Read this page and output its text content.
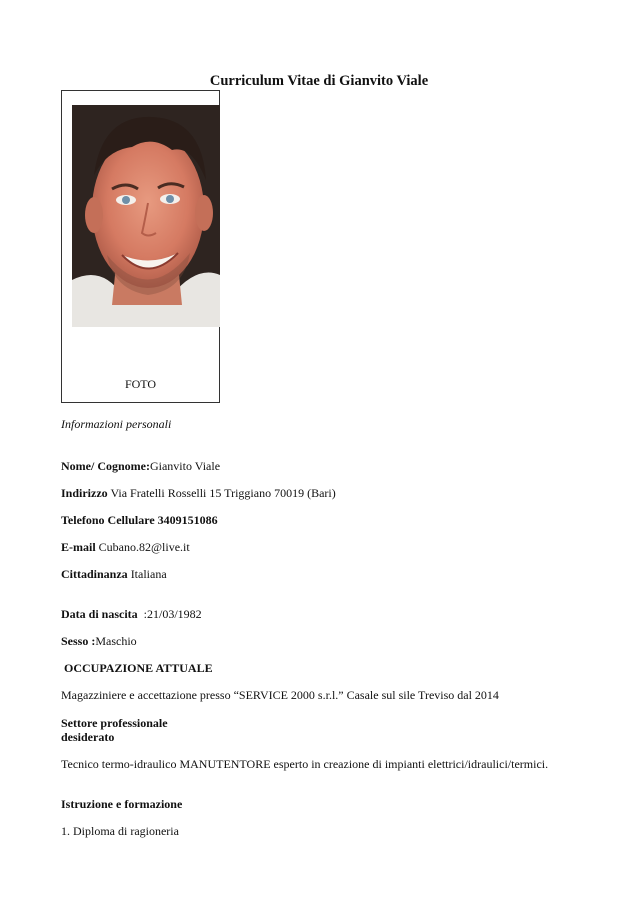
Curriculum Vitae di Gianvito Viale
FOTO
Informazioni personali
Nome/ Cognome:Gianvito Viale
Indirizzo Via Fratelli Rosselli 15 Triggiano 70019 (Bari)
Telefono Cellulare 3409151086
E-mail Cubano.82@live.it
Cittadinanza Italiana
Data di nascita  :21/03/1982
Sesso :Maschio
OCCUPAZIONE ATTUALE
Magazziniere e accettazione presso “SERVICE 2000 s.r.l.” Casale sul sile Treviso dal 2014
Settore professionale
desiderato
Tecnico termo-idraulico MANUTENTORE esperto in creazione di impianti elettrici/idraulici/termici.
Istruzione e formazione
1. Diploma di ragioneria
